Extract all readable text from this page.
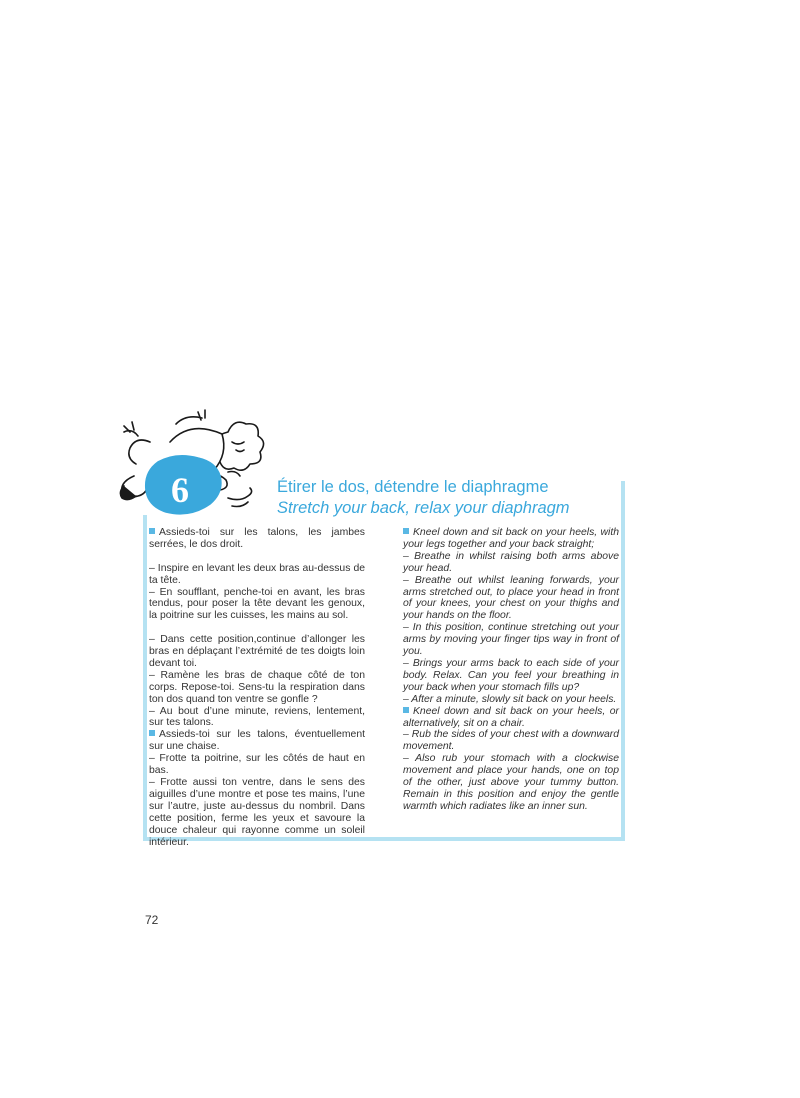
6	Étirer le dos, détendre le diaphragme
Stretch your back, relax your diaphragm

Assieds-toi sur les talons, les jambes serrées, le dos droit.

– Inspire en levant les deux bras au-dessus de ta tête.

– En soufflant, penche-toi en avant, les bras tendus, pour poser la tête devant les genoux, la poitrine sur les cuisses, les mains au sol.

– Dans cette position,continue d’allonger les bras en déplaçant l’extrémité de tes doigts loin devant toi.

– Ramène les bras de chaque côté de ton corps. Repose-toi. Sens-tu la respiration dans ton dos quand ton ventre se gonfle ?

– Au bout d’une minute, reviens, lentement, sur tes talons.

Assieds-toi sur les talons, éventuellement sur une chaise.

– Frotte ta poitrine, sur les côtés de haut en bas.

– Frotte aussi ton ventre, dans le sens des aiguilles d’une montre et pose tes mains, l’une sur l’autre, juste au-dessus du nombril. Dans cette position, ferme les yeux et savoure la douce chaleur qui rayonne comme un soleil intérieur.

Kneel down and sit back on your heels, with your legs together and your back straight;

– Breathe in whilst raising both arms above your head.

– Breathe out whilst leaning forwards, your arms stretched out, to place your head in front of your knees, your chest on your thighs and your hands on the floor.

– In this position, continue stretching out your arms by moving your finger tips way in front of you.

– Brings your arms back to each side of your body. Relax. Can you feel your breathing in your back when your stomach fills up?

– After a minute, slowly sit back on your heels.

Kneel down and sit back on your heels, or alternatively, sit on a chair.

– Rub the sides of your chest with a downward movement.

– Also rub your stomach with a clockwise movement and place your hands, one on top of the other, just above your tummy button. Remain in this position and enjoy the gentle warmth which radiates like an inner sun.

72
